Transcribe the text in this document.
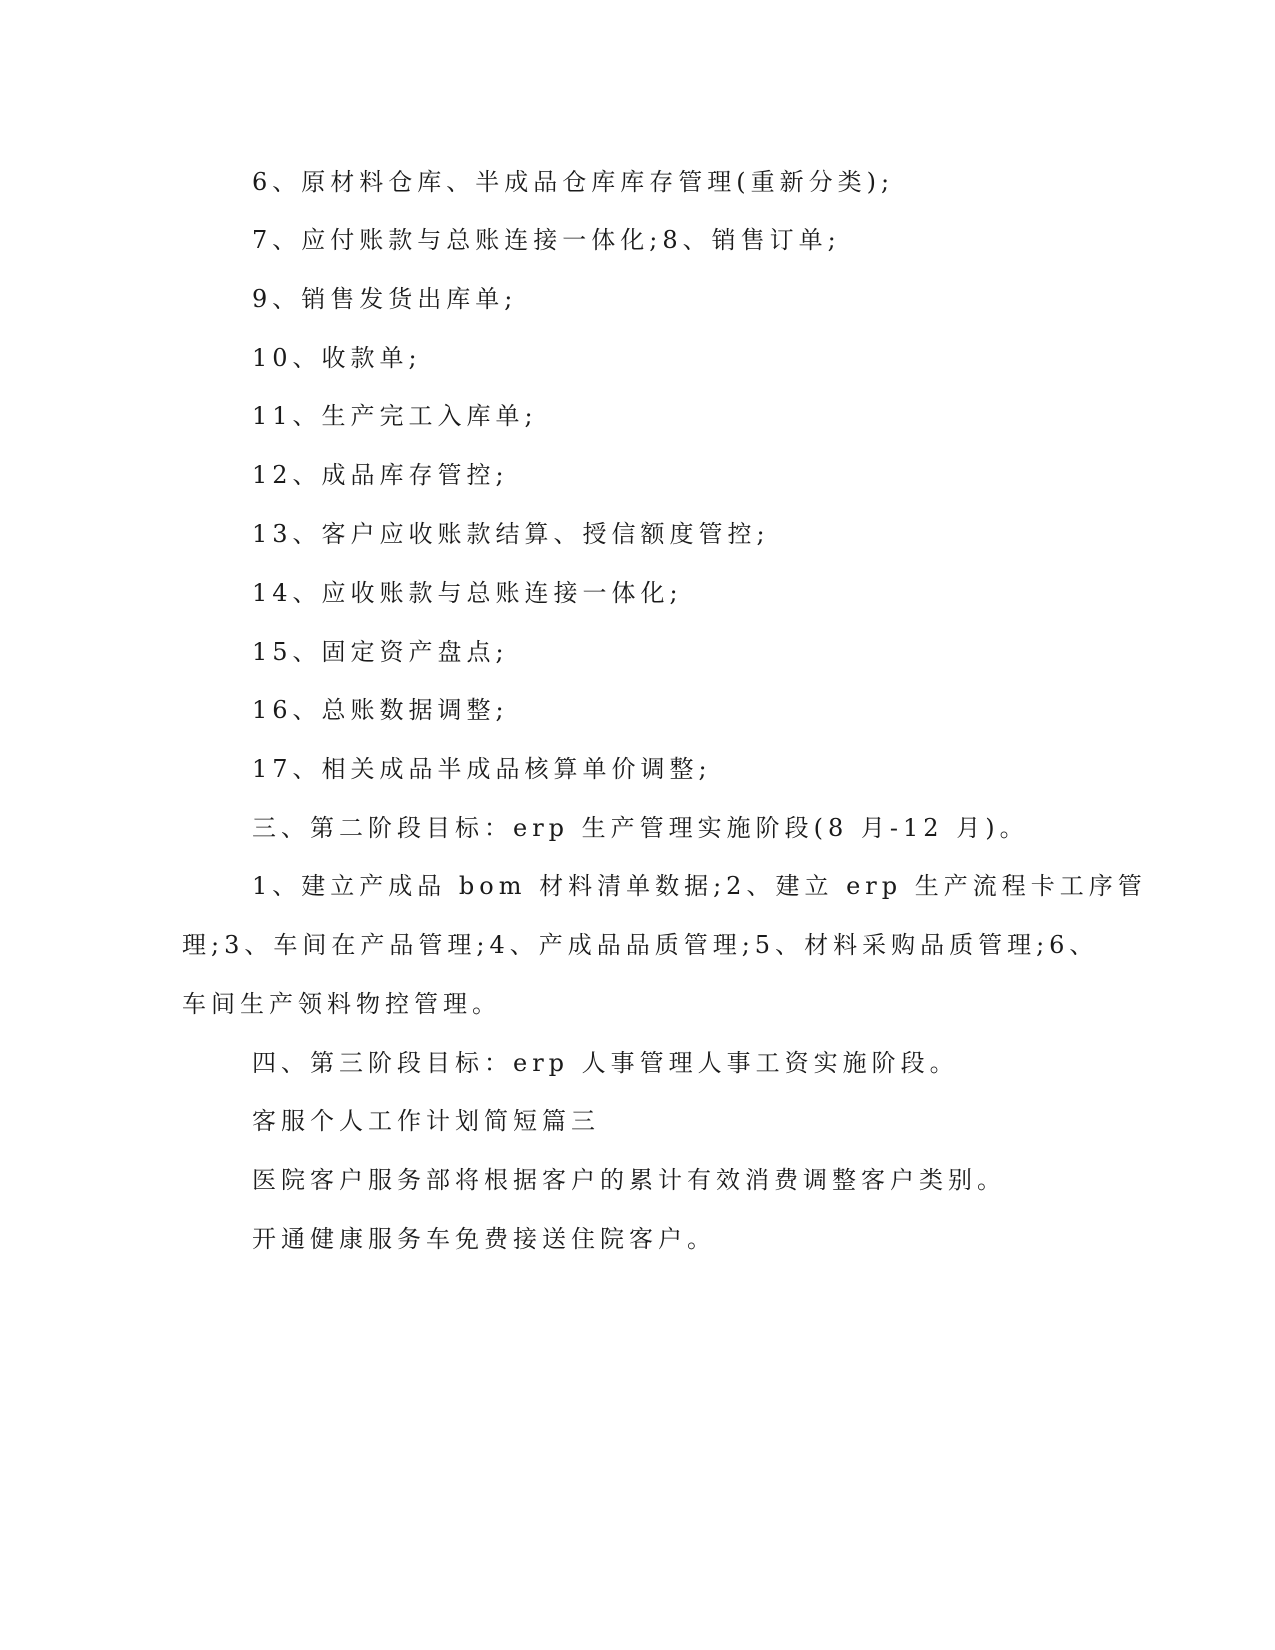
6、原材料仓库、半成品仓库库存管理(重新分类);
7、应付账款与总账连接一体化;8、销售订单;
9、销售发货出库单;
10、收款单;
11、生产完工入库单;
12、成品库存管控;
13、客户应收账款结算、授信额度管控;
14、应收账款与总账连接一体化;
15、固定资产盘点;
16、总账数据调整;
17、相关成品半成品核算单价调整;
三、第二阶段目标：erp 生产管理实施阶段(8 月-12 月)。
1、建立产成品 bom 材料清单数据;2、建立 erp 生产流程卡工序管
理;3、车间在产品管理;4、产成品品质管理;5、材料采购品质管理;6、
车间生产领料物控管理。
四、第三阶段目标：erp 人事管理人事工资实施阶段。
客服个人工作计划简短篇三
医院客户服务部将根据客户的累计有效消费调整客户类别。
开通健康服务车免费接送住院客户。
